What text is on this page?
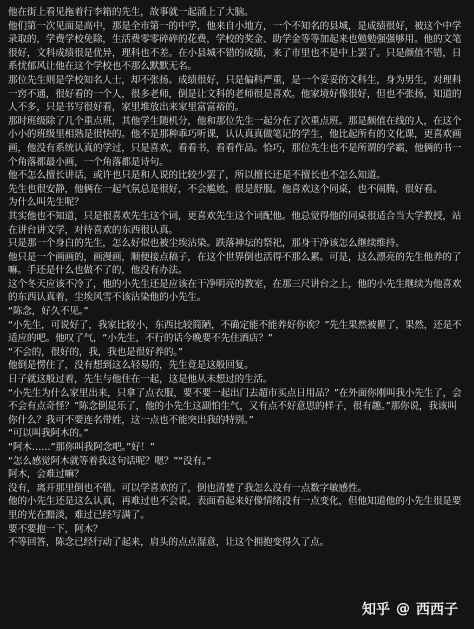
他在街上看见拖着行李箱的先生，故事就一起涌上了大脑。

他们第一次见面是高中，那是全市第一的中学，他来自小地方，一个不知名的县城，是成绩很好，被这个中学录取的，学费学校免除，生活费零零碎碎的花费，学校的奖金、助学金等等加起来也勉勉强强够用。他的文笔很好，文科成绩很是优异，理科也不差。在小县城不错的成绩，来了市里也不是中上罢了。只是颜值不错，日系忧郁风让他在这个学校也不那么默默无名。

那位先生则是学校知名人士，却不张扬。成绩很好，只是偏科严重，是一个妥妥的文科生，身为男生，对理科一窍不通，很好看的一个人，很多老师，倒是让文科的老师很是喜欢。他家境好像很好，但也不张扬，知道的人不多，只是书写很好看，家里堆放出来家里富富裕的。

那时班级除了几个重点班，其他学生随机分，他和那位先生一起分在了次重点班。那是颇值在线的人，在这个小小的班级里相熟是很快的。他不是那种乖巧听课，认认真真做笔记的学生，他比起所有的文化课，更喜欢画画，他没有系统认真的学过，只是喜欢，看看书，看看作品。恰巧，那位先生也不是所谓的学霸，他俩的书一个角落都最小画，一个角落都是诗句。

他不怎么擅长讲话，或许也只是和人说的比较少罢了，所以擅长还是不擅长也不怎么知道。

先生也很安静，他俩在一起气氛总是很好，不会尴尬，很是舒服。他喜欢这个同桌，也不闹腾，很好看。

为什么叫先生呢？

其实他也不知道，只是很喜欢先生这个词，更喜欢先生这个词配他。他总觉得他的同桌很适合当大学教授，站在讲台讲文学，对待喜欢的东西很认真。

只是那一个身白的先生，怎么好似也被尘埃沾染。跌落神坛的祭祀，那身干净该怎么继续维持。

他只是一个画画的，画漫画，顺便接点稿子，在这个世界倒也活得不那么累。可是，这么漂亮的先生他养的了嘛。手还是什么也做不了的，他没有办法。

这个冬天应该不冷了，他的小先生还是应该在干净明亮的教室，在那三尺讲台之上，他的小先生继续为他喜欢的东西认真着，尘埃风雪不该沾染他的小先生。

“陈念，好久不见。”

“小先生，可说好了，我家比较小，东西比较简陋，不确定能不能养好你诶？”先生果然被瞿了，果然，还是不适应的吧。他叹了气，“小先生，不行的话今晚要不先住酒店？”

“不会的，很好的，我，我也是很好养的。”

他倒是愣住了，没有想到这么轻易的，先生竟是这般回复。

日子就这般过着，先生与他住在一起，这是他从未想过的生活。

“小先生为什么家里出来，只拿了点衣服，要不要一起出门去超市买点日用品？”在外面你刚叫我小先生了，会不会有点奇怪？”陈念倒是乐了，他的小先生这副怕生气，又有点不好意思的样子，很有趣。”那你说，我该叫你什么？我可不要连名带姓，这一点也不能突出我的特别。”

“可以叫我阿木的。”

“阿木……”那你叫我阿念吧。”好！”

“怎么感觉阿木就等着我这句话呢？嗯？”“没有。”

阿木，会难过嘛？

没有，离开那里倒也不错。可以学喜欢的了，倒也清楚了我怎么没有一点数字敏感性。

他的小先生还是这么认真，再难过也不会说，表面看起来好像情绪没有一点变化，但他知道他的小先生很是要里的光在黯淡，难过已经写满了。

要不要抱一下，阿木？

不等回答，陈念已经行动了起来，肩头的点点湿意，让这个拥抱变得久了点。

知乎 @ 西西子
